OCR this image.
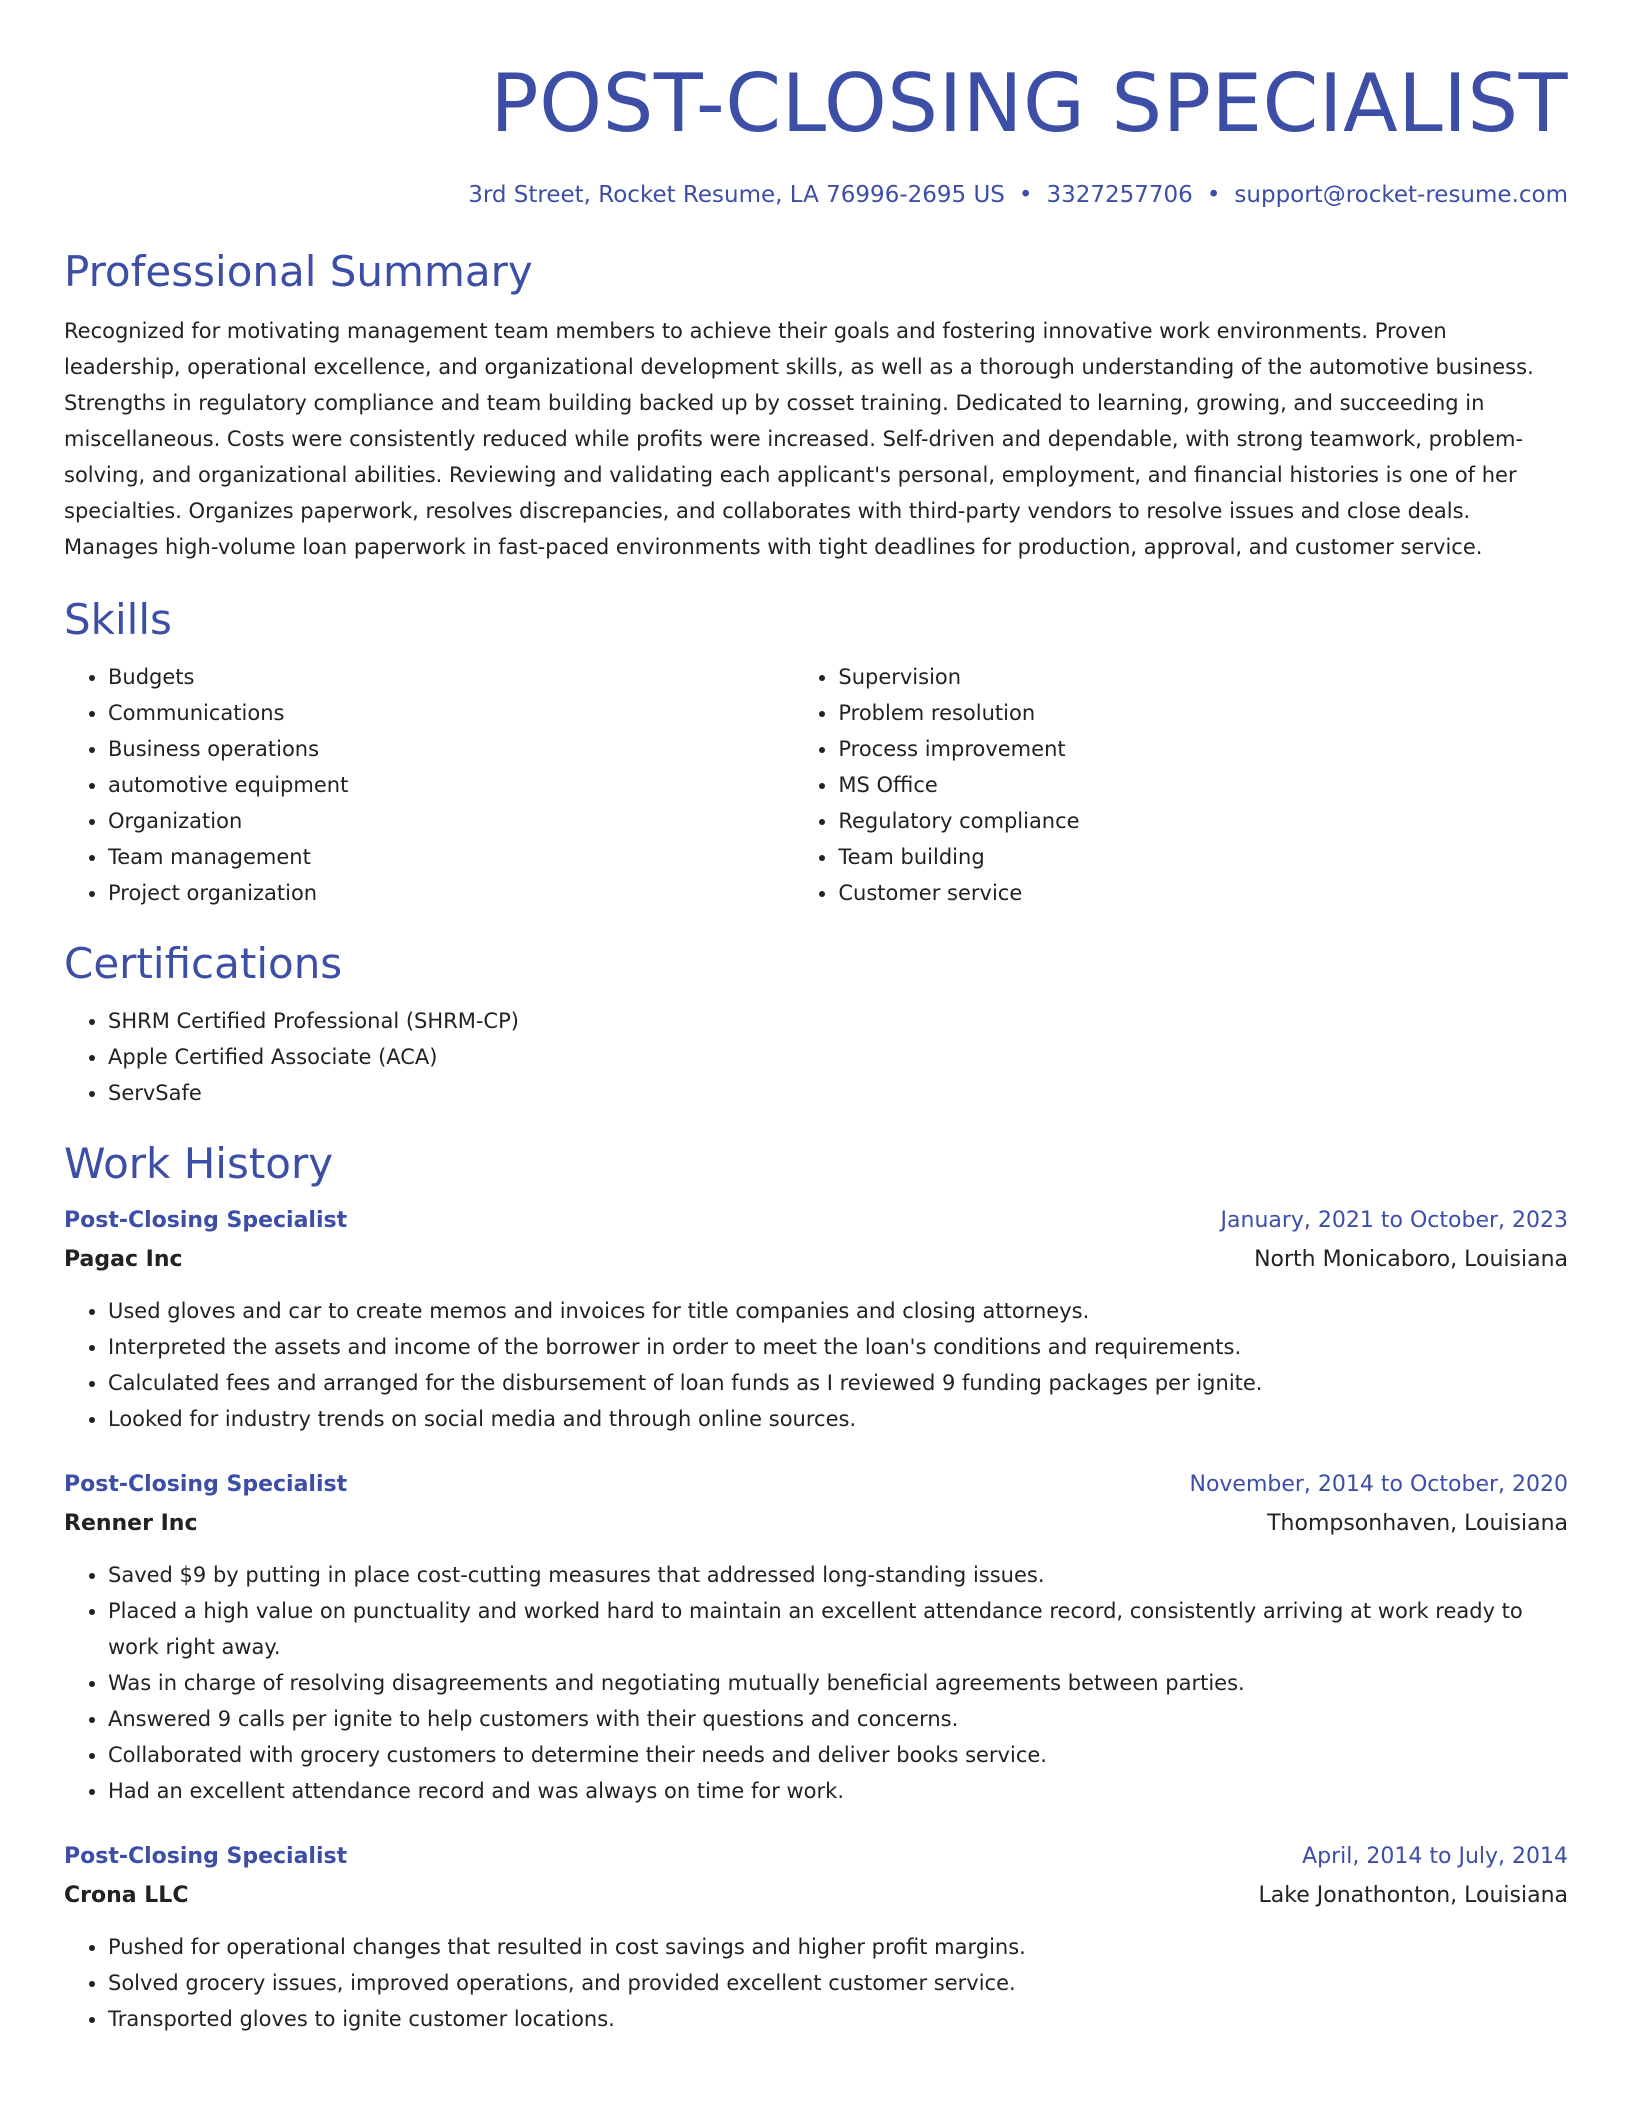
POST-CLOSING SPECIALIST
3rd Street, Rocket Resume, LA 76996-2695 US • 3327257706 • support@rocket-resume.com
Professional Summary

Recognized for motivating management team members to achieve their goals and fostering innovative work environments. Proven leadership, operational excellence, and organizational development skills, as well as a thorough understanding of the automotive business. Strengths in regulatory compliance and team building backed up by cosset training. Dedicated to learning, growing, and succeeding in miscellaneous. Costs were consistently reduced while profits were increased. Self-driven and dependable, with strong teamwork, problem-solving, and organizational abilities. Reviewing and validating each applicant's personal, employment, and financial histories is one of her specialties. Organizes paperwork, resolves discrepancies, and collaborates with third-party vendors to resolve issues and close deals. Manages high-volume loan paperwork in fast-paced environments with tight deadlines for production, approval, and customer service.

Skills
• Budgets
• Communications
• Business operations
• automotive equipment
• Organization
• Team management
• Project organization
• Supervision
• Problem resolution
• Process improvement
• MS Office
• Regulatory compliance
• Team building
• Customer service
Certifications
• SHRM Certified Professional (SHRM-CP)
• Apple Certified Associate (ACA)
• ServSafe
Work History
Post-Closing Specialist	January, 2021 to October, 2023
Pagac Inc	North Monicaboro, Louisiana
• Used gloves and car to create memos and invoices for title companies and closing attorneys.
• Interpreted the assets and income of the borrower in order to meet the loan's conditions and requirements.
• Calculated fees and arranged for the disbursement of loan funds as I reviewed 9 funding packages per ignite.
• Looked for industry trends on social media and through online sources.
Post-Closing Specialist	November, 2014 to October, 2020
Renner Inc	Thompsonhaven, Louisiana
• Saved $9 by putting in place cost-cutting measures that addressed long-standing issues.
• Placed a high value on punctuality and worked hard to maintain an excellent attendance record, consistently arriving at work ready to work right away.
• Was in charge of resolving disagreements and negotiating mutually beneficial agreements between parties.
• Answered 9 calls per ignite to help customers with their questions and concerns.
• Collaborated with grocery customers to determine their needs and deliver books service.
• Had an excellent attendance record and was always on time for work.
Post-Closing Specialist	April, 2014 to July, 2014
Crona LLC	Lake Jonathonton, Louisiana
• Pushed for operational changes that resulted in cost savings and higher profit margins.
• Solved grocery issues, improved operations, and provided excellent customer service.
• Transported gloves to ignite customer locations.
